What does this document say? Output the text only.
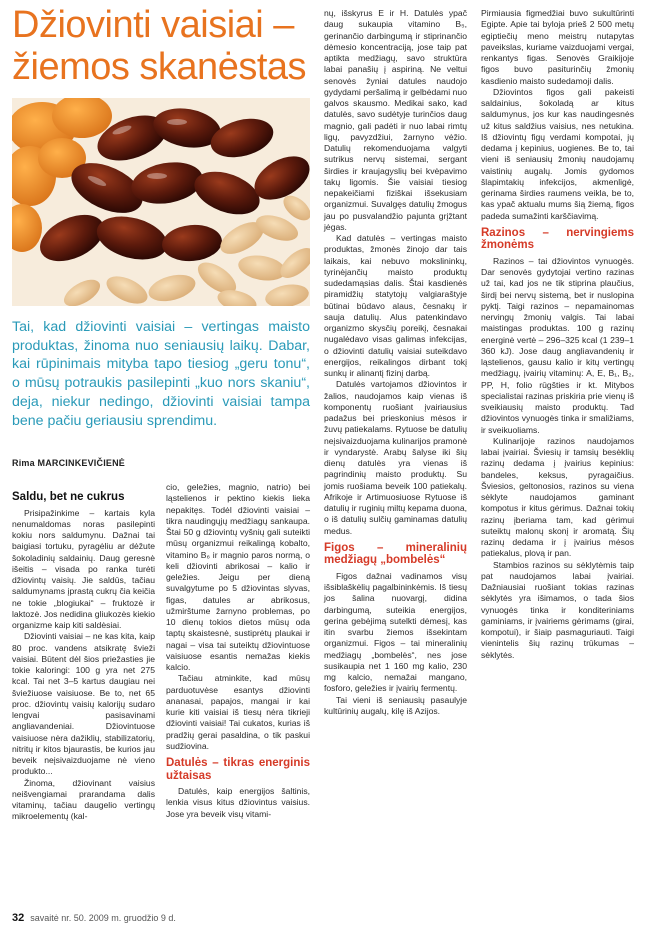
Džiovinti vaisiai –
žiemos skanėstas
Tai, kad džiovinti vaisiai – vertingas maisto produktas, žinoma nuo seniausių laikų. Dabar, kai rūpinimais mityba tapo tiesiog „geru tonu“, o mūsų potraukis pasilepinti „kuo nors skaniu“, deja, niekur nedingo, džiovinti vaisiai tampa bene pačiu geriausiu sprendimu.
Rima MARCINKEVIČIENĖ
Saldu, bet ne cukrus

Prisipažinkime – kartais kyla nenumaldomas noras pasilepinti kokiu nors saldumynu. Dažnai tai baigiasi tortuku, pyragėliu ar dėžute šokoladinių saldainių. Daug geresnė išeitis – visada po ranka turėti džiovintų vaisių. Jie saldūs, tačiau saldumynams įprastą cukrų čia keičia ne tokie „blogiukai“ – fruktozė ir laktozė. Jos nedidina gliukozės kiekio organizme kaip kiti saldėsiai.

Džiovinti vaisiai – ne kas kita, kaip 80 proc. vandens atsikratę švieži vaisiai. Būtent dėl šios priežasties jie tokie kaloringi: 100 g yra net 275 kcal. Tai net 3–5 kartus daugiau nei šviežiuose vaisiuose. Be to, net 65 proc. džiovintų vaisių kalorijų sudaro lengvai pasisavinami angliavandeniai. Džiovintuose vaisiuose nėra dažiklių, stabilizatorių, nitritų ir kitos bjaurastis, be kurios jau beveik neįsivaizduojame nė vieno produkto...

Žinoma, džiovinant vaisius neišvengiamai prarandama dalis vitaminų, tačiau daugelio vertingų mikroelementų (kal-

cio, geležies, magnio, natrio) bei ląstelienos ir pektino kiekis lieka nepakitęs. Todėl džiovinti vaisiai – tikra naudingųjų medžiagų sankaupa. Štai 50 g džiovintų vyšnių gali suteikti mūsų organizmui reikalingą kobalto, vitamino B₆ ir magnio paros normą, o keli džiovinti abrikosai – kalio ir geležies. Jeigu per dieną suvalgytume po 5 džiovintas slyvas, figas, datules ar abrikosus, užmirštume žarnyno problemas, po 10 dienų tokios dietos mūsų oda taptų skaistesnė, sustiprėtų plaukai ir nagai – visa tai suteiktų džiovintuose vaisiuose esantis nemažas kiekis kalcio.

Tačiau atminkite, kad mūsų parduotuvėse esantys džiovinti ananasai, papajos, mangai ir kai kurie kiti vaisiai iš tiesų nėra tikrieji džiovinti vaisiai! Tai cukatos, kurias iš pradžių gerai pasaldina, o tik paskui sudžiovina.

Datulės – tikras energinis užtaisas

Datulės, kaip energijos šaltinis, lenkia visus kitus džiovintus vaisius. Jose yra beveik visų vitami-

nų, išskyrus E ir H. Datulės ypač daug sukaupia vitamino B₅, gerinančio darbingumą ir stiprinančio dėmesio koncentraciją, jose taip pat aptikta medžiagų, savo struktūra labai panašių į aspiriną. Ne veltui senovės žyniai datules naudojo gydydami peršalimą ir gelbėdami nuo galvos skausmo. Medikai sako, kad datulės, savo sudėtyje turinčios daug magnio, gali padėti ir nuo labai rimtų ligų, pavyzdžiui, žarnyno vėžio. Datulių rekomenduojama valgyti sutrikus nervų sistemai, sergant širdies ir kraujagyslių bei kvėpavimo takų ligomis. Šie vaisiai tiesiog nepakeičiami fiziškai išsekusiam organizmui. Suvalgęs datulių žmogus jau po pusvalandžio pajunta grįžtant jėgas.

Kad datulės – vertingas maisto produktas, žmonės žinojo dar tais laikais, kai nebuvo mokslininkų, tyrinėjančių maisto produktų sudedamąsias dalis. Štai kasdienės piramidžių statytojų valgiaraštyje būtinai būdavo alaus, česnakų ir sauja datulių. Alus patenkindavo organizmo skysčių poreikį, česnakai nugalėdavo visas galimas infekcijas, o džiovinti datulių vaisiai suteikdavo energijos, reikalingos dirbant tokį sunkų ir alinantį fizinį darbą.

Datulės vartojamos džiovintos ir žalios, naudojamos kaip vienas iš komponentų ruošiant įvairiausius padažus bei prieskonius mėsos ir žuvų patiekalams. Rytuose be datulių neįsivaizduojama kulinarijos pramonė ir vyndarystė. Arabų šalyse iki šių dienų datulės yra vienas iš pagrindinių maisto produktų. Su jomis ruošiama beveik 100 patiekalų. Afrikoje ir Artimuosiuose Rytuose iš datulių ir ruginių miltų kepama duona, o iš datulių sulčių gaminamas datulių medus.

Figos – mineralinių medžiagų „bombelės“

Figos dažnai vadinamos visų išsiblaškėlių pagalbininkėmis. Iš tiesų jos šalina nuovargį, didina darbingumą, suteikia energijos, gerina gebėjimą sutelkti dėmesį, kas itin svarbu žiemos išsekintam organizmui. Figos – tai mineralinių medžiagų „bombelės“, nes jose susikaupia net 1 160 mg kalio, 230 mg kalcio, nemažai mangano, fosforo, geležies ir įvairių fermentų.

Tai vieni iš seniausių pasaulyje kultūrinių augalų, kilę iš Azijos.

Pirmiausia figmedžiai buvo sukultūrinti Egipte. Apie tai byloja prieš 2 500 metų egiptiečių meno meistrų nutapytas paveikslas, kuriame vaizduojami vergai, renkantys figas. Senovės Graikijoje figos buvo pasiturinčių žmonių kasdienio maisto sudedamoji dalis.

Džiovintos figos gali pakeisti saldainius, šokoladą ar kitus saldumynus, jos kur kas naudingesnės už kitus saldžius vaisius, nes netukina. Iš džiovintų figų verdami kompotai, jų dedama į kepinius, uogienes. Be to, tai vieni iš seniausių žmonių naudojamų vaistinių augalų. Jomis gydomos šlapimtakių infekcijos, akmenligė, gerinama širdies raumens veikla, be to, kas ypač aktualu mums šią žiemą, figos padeda sumažinti karščiavimą.

Razinos – nervingiems žmonėms

Razinos – tai džiovintos vynuogės. Dar senovės gydytojai vertino razinas už tai, kad jos ne tik stiprina plaučius, širdį bei nervų sistemą, bet ir nuslopina pyktį. Taigi razinos – nepamainomas nervingų žmonių valgis. Tai labai maistingas produktas. 100 g razinų energinė vertė – 296–325 kcal (1 239–1 360 kJ). Jose daug angliavandenių ir ląstelienos, gausu kalio ir kitų vertingų medžiagų, įvairių vitaminų: A, E, B₁, B₂, PP, H, folio rūgšties ir kt. Mitybos specialistai razinas priskiria prie vienų iš sveikiausių maisto produktų. Tad džiovintos vynuogės tinka ir smaližiams, ir sveikuoliams.

Kulinarijoje razinos naudojamos labai įvairiai. Šviesių ir tamsių besėklių razinų dedama į įvairius kepinius: bandeles, keksus, pyragaičius. Šviesios, geltonosios, razinos su viena sėklyte naudojamos gaminant kompotus ir kitus gėrimus. Dažnai tokių razinų įberiama tam, kad gėrimui suteiktų malonų skonį ir aromatą. Šių razinų dedama ir į įvairius mėsos patiekalus, plovą ir pan.

Stambios razinos su sėklytėmis taip pat naudojamos labai įvairiai. Dažniausiai ruošiant tokias razinas sėklytės yra išimamos, o tada šios vynuogės tinka ir konditeriniams gaminiams, ir įvairiems gėrimams (girai, kompotui), ir šiaip pasmaguriauti. Taigi vienintelis šių razinų trūkumas – sėklytės.

32 savaitė nr. 50. 2009 m. gruodžio 9 d.
